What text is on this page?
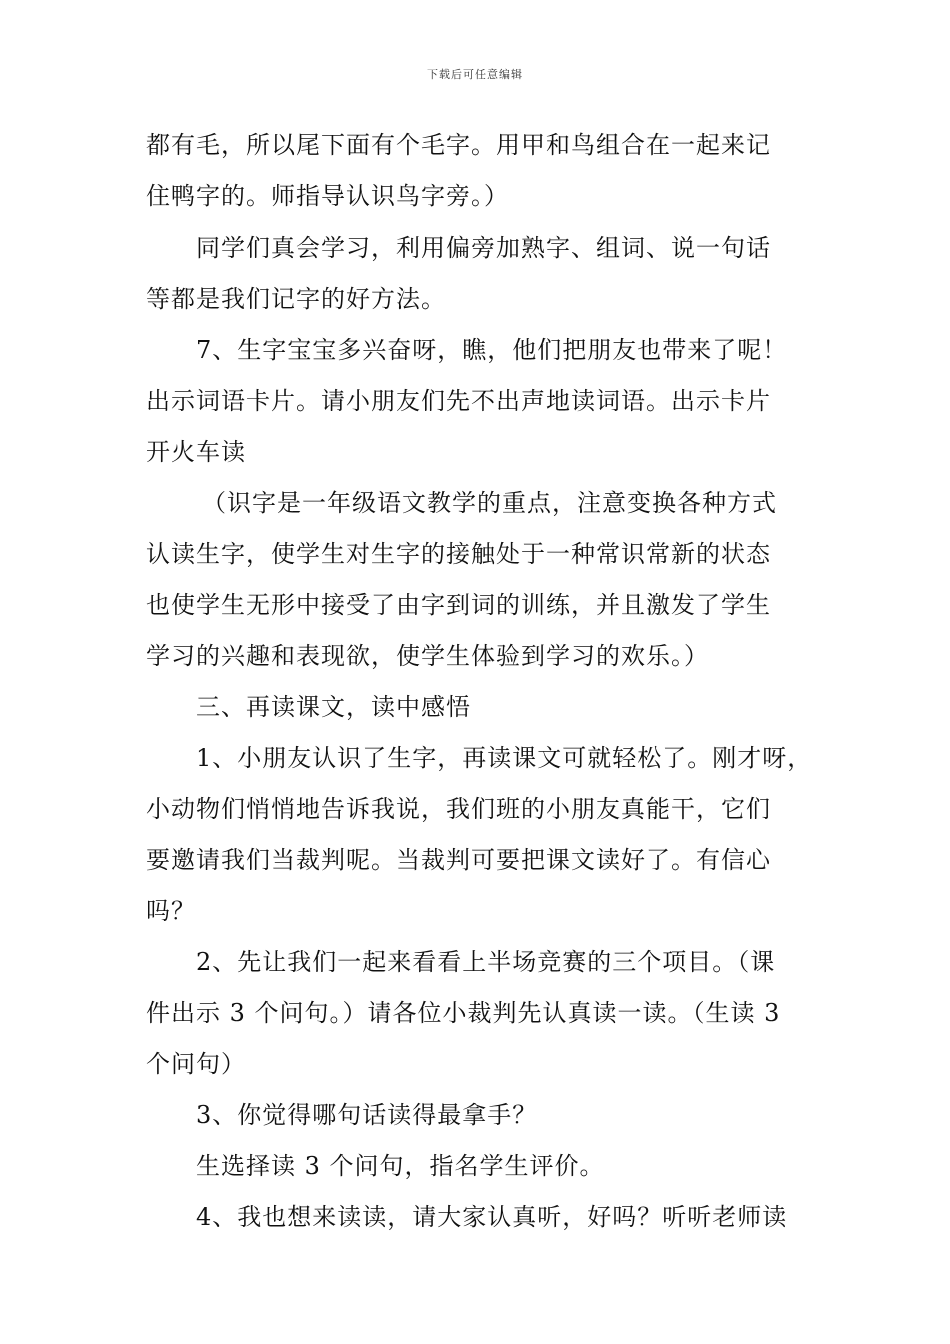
下载后可任意编辑
都有毛，所以尾下面有个毛字。用甲和鸟组合在一起来记
住鸭字的。师指导认识鸟字旁。）
同学们真会学习，利用偏旁加熟字、组词、说一句话
等都是我们记字的好方法。
7、生字宝宝多兴奋呀，瞧，他们把朋友也带来了呢！
出示词语卡片。请小朋友们先不出声地读词语。出示卡片
开火车读
（识字是一年级语文教学的重点，注意变换各种方式
认读生字，使学生对生字的接触处于一种常识常新的状态
也使学生无形中接受了由字到词的训练，并且激发了学生
学习的兴趣和表现欲，使学生体验到学习的欢乐。）
三、再读课文，读中感悟
1、小朋友认识了生字，再读课文可就轻松了。刚才呀，
小动物们悄悄地告诉我说，我们班的小朋友真能干，它们
要邀请我们当裁判呢。当裁判可要把课文读好了。有信心
吗？
2、先让我们一起来看看上半场竞赛的三个项目。（课
件出示 3 个问句。）请各位小裁判先认真读一读。（生读 3
个问句）
3、你觉得哪句话读得最拿手？
生选择读 3 个问句，指名学生评价。
4、我也想来读读，请大家认真听，好吗？听听老师读
